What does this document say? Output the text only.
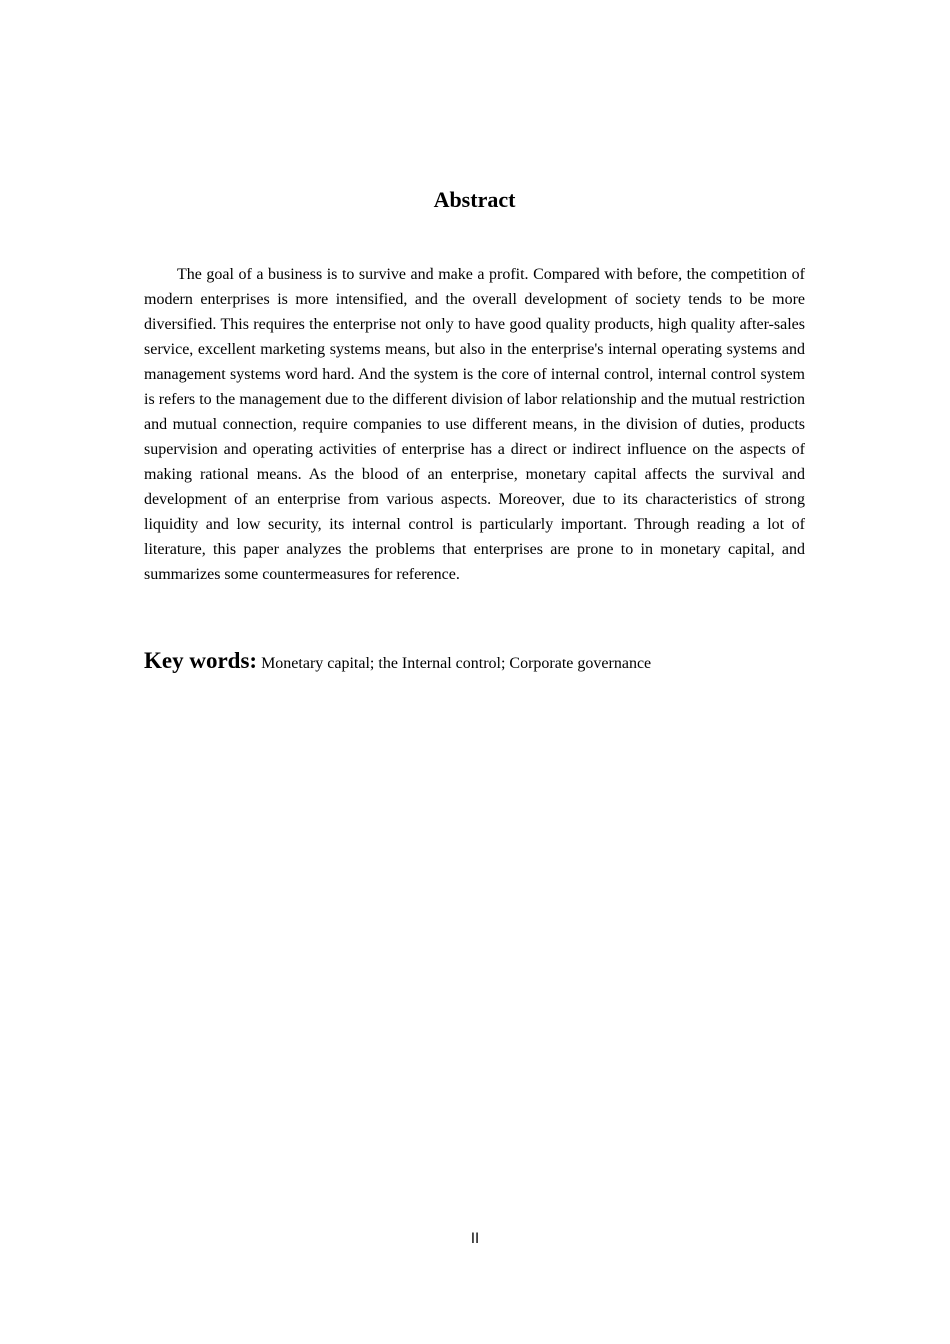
Abstract

The goal of a business is to survive and make a profit. Compared with before, the competition of modern enterprises is more intensified, and the overall development of society tends to be more diversified. This requires the enterprise not only to have good quality products, high quality after-sales service, excellent marketing systems means, but also in the enterprise's internal operating systems and management systems word hard. And the system is the core of internal control, internal control system is refers to the management due to the different division of labor relationship and the mutual restriction and mutual connection, require companies to use different means, in the division of duties, products supervision and operating activities of enterprise has a direct or indirect influence on the aspects of making rational means. As the blood of an enterprise, monetary capital affects the survival and development of an enterprise from various aspects. Moreover, due to its characteristics of strong liquidity and low security, its internal control is particularly important. Through reading a lot of literature, this paper analyzes the problems that enterprises are prone to in monetary capital, and summarizes some countermeasures for reference.

Key words: Monetary capital; the Internal control; Corporate governance

II
